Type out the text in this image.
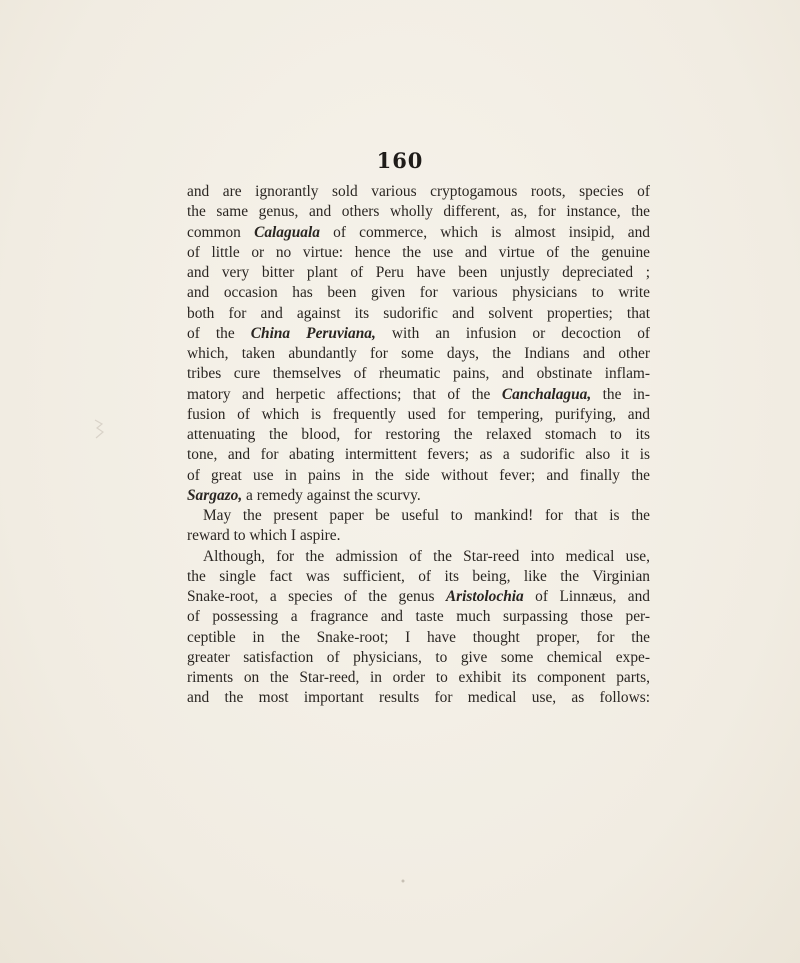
160
and are ignorantly sold various cryptogamous roots, species of
the same genus, and others wholly different, as, for instance, the
common Calaguala of commerce, which is almost insipid, and
of little or no virtue: hence the use and virtue of the genuine
and very bitter plant of Peru have been unjustly depreciated ;
and occasion has been given for various physicians to write
both for and against its sudorific and solvent properties; that
of the China Peruviana, with an infusion or decoction of
which, taken abundantly for some days, the Indians and other
tribes cure themselves of rheumatic pains, and obstinate inflam-
matory and herpetic affections; that of the Canchalagua, the in-
fusion of which is frequently used for tempering, purifying, and
attenuating the blood, for restoring the relaxed stomach to its
tone, and for abating intermittent fevers; as a sudorific also it is
of great use in pains in the side without fever; and finally the
Sargazo, a remedy against the scurvy.
May the present paper be useful to mankind! for that is the
reward to which I aspire.
Although, for the admission of the Star-reed into medical use,
the single fact was sufficient, of its being, like the Virginian
Snake-root, a species of the genus Aristolochia of Linnæus, and
of possessing a fragrance and taste much surpassing those per-
ceptible in the Snake-root; I have thought proper, for the
greater satisfaction of physicians, to give some chemical expe-
riments on the Star-reed, in order to exhibit its component parts,
and the most important results for medical use, as follows:
